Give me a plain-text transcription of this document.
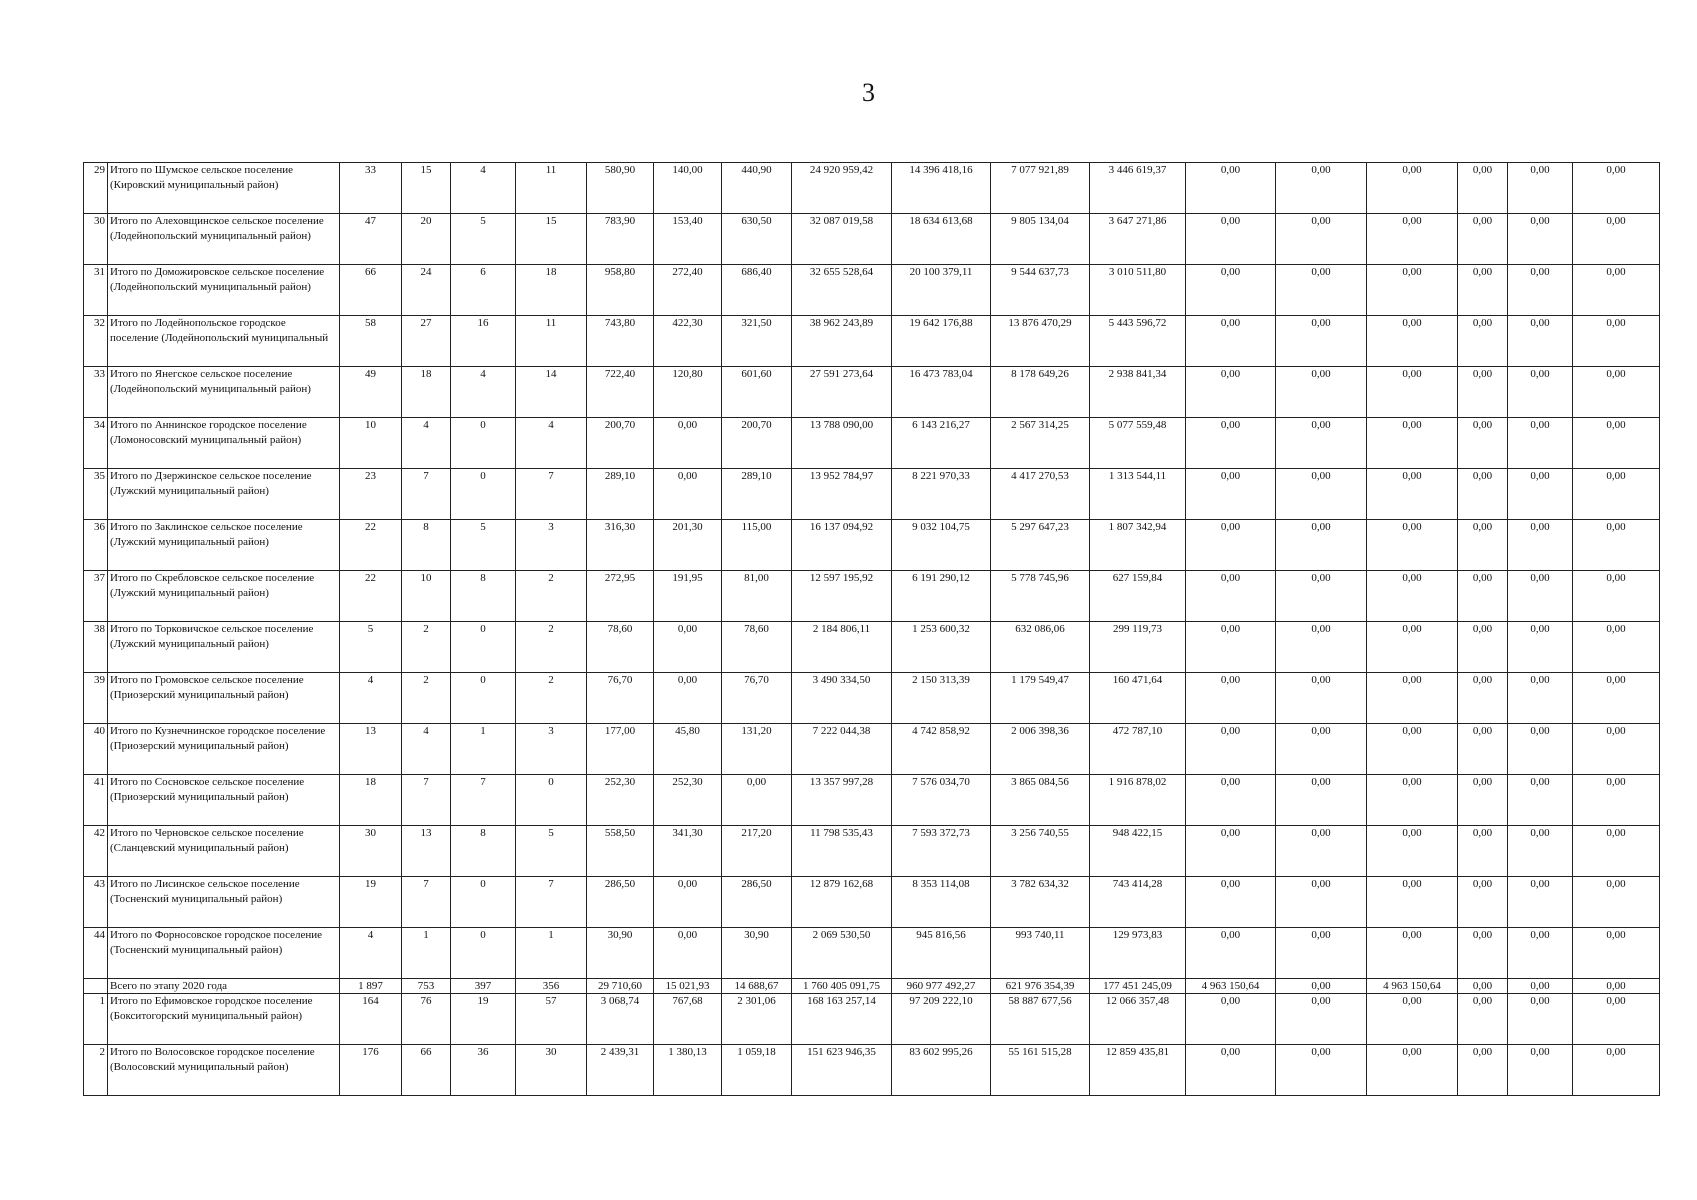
3
29	Итого по Шумское сельское поселение (Кировский муниципальный район)	33	15	4	11	580,90	140,00	440,90	24 920 959,42	14 396 418,16	7 077 921,89	3 446 619,37	0,00	0,00	0,00	0,00	0,00	0,00
30	Итого по Алеховщинское сельское поселение (Лодейнопольский муниципальный район)	47	20	5	15	783,90	153,40	630,50	32 087 019,58	18 634 613,68	9 805 134,04	3 647 271,86	0,00	0,00	0,00	0,00	0,00	0,00
31	Итого по Доможировское сельское поселение (Лодейнопольский муниципальный район)	66	24	6	18	958,80	272,40	686,40	32 655 528,64	20 100 379,11	9 544 637,73	3 010 511,80	0,00	0,00	0,00	0,00	0,00	0,00
32	Итого по Лодейнопольское городское поселение (Лодейнопольский муниципальный	58	27	16	11	743,80	422,30	321,50	38 962 243,89	19 642 176,88	13 876 470,29	5 443 596,72	0,00	0,00	0,00	0,00	0,00	0,00
33	Итого по Янегское сельское поселение (Лодейнопольский муниципальный район)	49	18	4	14	722,40	120,80	601,60	27 591 273,64	16 473 783,04	8 178 649,26	2 938 841,34	0,00	0,00	0,00	0,00	0,00	0,00
34	Итого по Аннинское городское поселение (Ломоносовский муниципальный район)	10	4	0	4	200,70	0,00	200,70	13 788 090,00	6 143 216,27	2 567 314,25	5 077 559,48	0,00	0,00	0,00	0,00	0,00	0,00
35	Итого по Дзержинское сельское поселение (Лужский муниципальный район)	23	7	0	7	289,10	0,00	289,10	13 952 784,97	8 221 970,33	4 417 270,53	1 313 544,11	0,00	0,00	0,00	0,00	0,00	0,00
36	Итого по Заклинское сельское поселение (Лужский муниципальный район)	22	8	5	3	316,30	201,30	115,00	16 137 094,92	9 032 104,75	5 297 647,23	1 807 342,94	0,00	0,00	0,00	0,00	0,00	0,00
37	Итого по Скребловское сельское поселение (Лужский муниципальный район)	22	10	8	2	272,95	191,95	81,00	12 597 195,92	6 191 290,12	5 778 745,96	627 159,84	0,00	0,00	0,00	0,00	0,00	0,00
38	Итого по Торковичское сельское поселение (Лужский муниципальный район)	5	2	0	2	78,60	0,00	78,60	2 184 806,11	1 253 600,32	632 086,06	299 119,73	0,00	0,00	0,00	0,00	0,00	0,00
39	Итого по Громовское сельское поселение (Приозерский муниципальный район)	4	2	0	2	76,70	0,00	76,70	3 490 334,50	2 150 313,39	1 179 549,47	160 471,64	0,00	0,00	0,00	0,00	0,00	0,00
40	Итого по Кузнечнинское городское поселение (Приозерский муниципальный район)	13	4	1	3	177,00	45,80	131,20	7 222 044,38	4 742 858,92	2 006 398,36	472 787,10	0,00	0,00	0,00	0,00	0,00	0,00
41	Итого по Сосновское сельское поселение (Приозерский муниципальный район)	18	7	7	0	252,30	252,30	0,00	13 357 997,28	7 576 034,70	3 865 084,56	1 916 878,02	0,00	0,00	0,00	0,00	0,00	0,00
42	Итого по Черновское сельское поселение (Сланцевский муниципальный район)	30	13	8	5	558,50	341,30	217,20	11 798 535,43	7 593 372,73	3 256 740,55	948 422,15	0,00	0,00	0,00	0,00	0,00	0,00
43	Итого по Лисинское сельское поселение (Тосненский муниципальный район)	19	7	0	7	286,50	0,00	286,50	12 879 162,68	8 353 114,08	3 782 634,32	743 414,28	0,00	0,00	0,00	0,00	0,00	0,00
44	Итого по Форносовское городское поселение (Тосненский муниципальный район)	4	1	0	1	30,90	0,00	30,90	2 069 530,50	945 816,56	993 740,11	129 973,83	0,00	0,00	0,00	0,00	0,00	0,00
	Всего по этапу 2020 года	1 897	753	397	356	29 710,60	15 021,93	14 688,67	1 760 405 091,75	960 977 492,27	621 976 354,39	177 451 245,09	4 963 150,64	0,00	4 963 150,64	0,00	0,00	0,00
1	Итого по Ефимовское городское поселение (Бокситогорский муниципальный район)	164	76	19	57	3 068,74	767,68	2 301,06	168 163 257,14	97 209 222,10	58 887 677,56	12 066 357,48	0,00	0,00	0,00	0,00	0,00	0,00
2	Итого по Волосовское городское поселение (Волосовский муниципальный район)	176	66	36	30	2 439,31	1 380,13	1 059,18	151 623 946,35	83 602 995,26	55 161 515,28	12 859 435,81	0,00	0,00	0,00	0,00	0,00	0,00
